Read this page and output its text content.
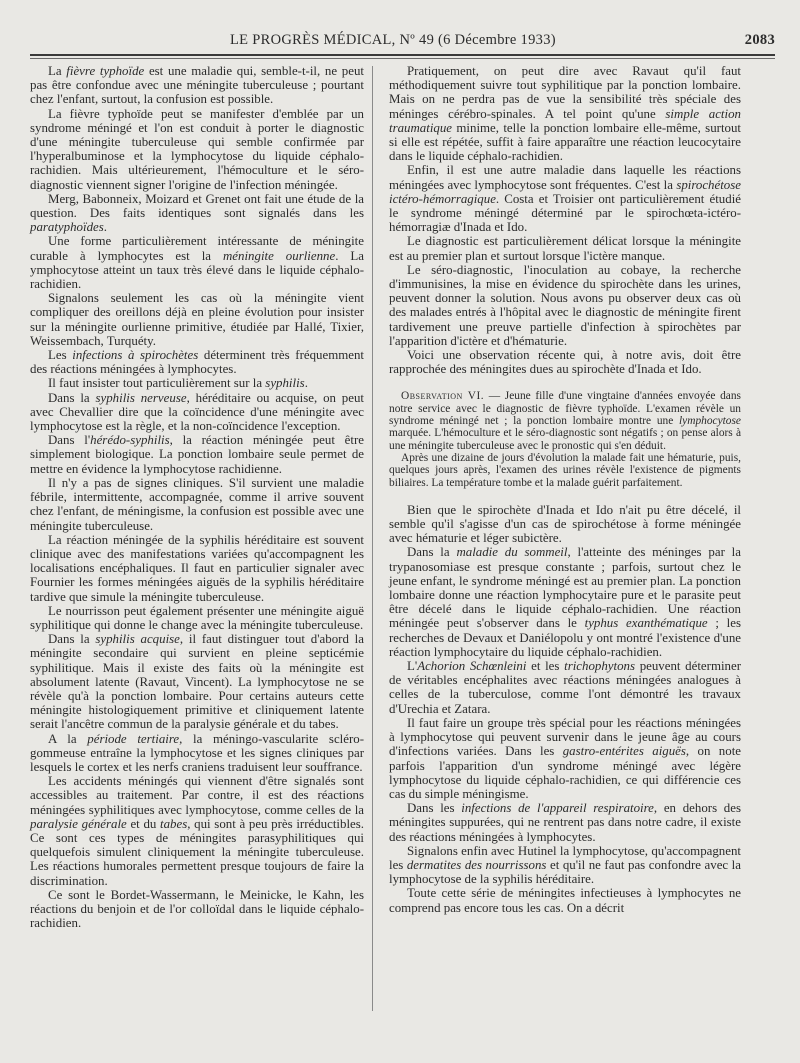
LE PROGRÈS MÉDICAL, Nº 49 (6 Décembre 1933)	2083

La fièvre typhoïde est une maladie qui, semble-t-il, ne peut pas être confondue avec une méningite tuberculeuse ; pourtant chez l'enfant, surtout, la confusion est possible.

La fièvre typhoïde peut se manifester d'emblée par un syndrome méningé et l'on est conduit à porter le diagnostic d'une méningite tuberculeuse qui semble confirmée par l'hyperalbuminose et la lymphocytose du liquide céphalo-rachidien. Mais ultérieurement, l'hémoculture et le séro-diagnostic viennent signer l'origine de l'infection méningée.

Merg, Babonneix, Moizard et Grenet ont fait une étude de la question. Des faits identiques sont signalés dans les paratyphoïdes.

Une forme particulièrement intéressante de méningite curable à lymphocytes est la méningite ourlienne. La ymphocytose atteint un taux très élevé dans le liquide céphalo-rachidien.

Signalons seulement les cas où la méningite vient compliquer des oreillons déjà en pleine évolution pour insister sur la méningite ourlienne primitive, étudiée par Hallé, Tixier, Weissembach, Turquéty.

Les infections à spirochètes déterminent très fréquemment des réactions méningées à lymphocytes.

Il faut insister tout particulièrement sur la syphilis.

Dans la syphilis nerveuse, héréditaire ou acquise, on peut avec Chevallier dire que la coïncidence d'une méningite avec lymphocytose est la règle, et la non-coïncidence l'exception.

Dans l'hérédo-syphilis, la réaction méningée peut être simplement biologique. La ponction lombaire seule permet de mettre en évidence la lymphocytose rachidienne.

Il n'y a pas de signes cliniques. S'il survient une maladie fébrile, intermittente, accompagnée, comme il arrive souvent chez l'enfant, de méningisme, la confusion est possible avec une méningite tuberculeuse.

La réaction méningée de la syphilis héréditaire est souvent clinique avec des manifestations variées qu'accompagnent les localisations encéphaliques. Il faut en particulier signaler avec Fournier les formes méningées aiguës de la syphilis héréditaire tardive que simule la méningite tuberculeuse.

Le nourrisson peut également présenter une méningite aiguë syphilitique qui donne le change avec la méningite tuberculeuse.

Dans la syphilis acquise, il faut distinguer tout d'abord la méningite secondaire qui survient en pleine septicémie syphilitique. Mais il existe des faits où la méningite est absolument latente (Ravaut, Vincent). La lymphocytose ne se révèle qu'à la ponction lombaire. Pour certains auteurs cette méningite histologiquement primitive et cliniquement latente serait l'ancêtre commun de la paralysie générale et du tabes.

A la période tertiaire, la méningo-vascularite scléro-gommeuse entraîne la lymphocytose et les signes cliniques par lesquels le cortex et les nerfs craniens traduisent leur souffrance.

Les accidents méningés qui viennent d'être signalés sont accessibles au traitement. Par contre, il est des réactions méningées syphilitiques avec lymphocytose, comme celles de la paralysie générale et du tabes, qui sont à peu près irréductibles. Ce sont ces types de méningites parasyphilitiques qui quelquefois simulent cliniquement la méningite tuberculeuse. Les réactions humorales permettent presque toujours de faire la discrimination.

Ce sont le Bordet-Wassermann, le Meinicke, le Kahn, les réactions du benjoin et de l'or colloïdal dans le liquide céphalo-rachidien.

Pratiquement, on peut dire avec Ravaut qu'il faut méthodiquement suivre tout syphilitique par la ponction lombaire. Mais on ne perdra pas de vue la sensibilité très spéciale des méninges cérébro-spinales. A tel point qu'une simple action traumatique minime, telle la ponction lombaire elle-même, surtout si elle est répétée, suffit à faire apparaître une réaction leucocytaire dans le liquide céphalo-rachidien.

Enfin, il est une autre maladie dans laquelle les réactions méningées avec lymphocytose sont fréquentes. C'est la spirochétose ictéro-hémorragique. Costa et Troisier ont particulièrement étudié le syndrome méningé déterminé par le spirochœta-ictéro-hémorragiæ d'Inada et Ido.

Le diagnostic est particulièrement délicat lorsque la méningite est au premier plan et surtout lorsque l'ictère manque.

Le séro-diagnostic, l'inoculation au cobaye, la recherche d'immunisines, la mise en évidence du spirochète dans les urines, peuvent donner la solution. Nous avons pu observer deux cas où des malades entrés à l'hôpital avec le diagnostic de méningite firent tardivement une preuve partielle d'infection à spirochètes par l'apparition d'ictère et d'hématurie.

Voici une observation récente qui, à notre avis, doit être rapprochée des méningites dues au spirochète d'Inada et Ido.

Observation VI. — Jeune fille d'une vingtaine d'années envoyée dans notre service avec le diagnostic de fièvre typhoïde. L'examen révèle un syndrome méningé net ; la ponction lombaire montre une lymphocytose marquée. L'hémoculture et le séro-diagnostic sont négatifs ; on pense alors à une méningite tuberculeuse avec le pronostic qui s'en déduit.

Après une dizaine de jours d'évolution la malade fait une hématurie, puis, quelques jours après, l'examen des urines révèle l'existence de pigments biliaires. La température tombe et la malade guérit parfaitement.

Bien que le spirochète d'Inada et Ido n'ait pu être décelé, il semble qu'il s'agisse d'un cas de spirochétose à forme méningée avec hématurie et léger subictère.

Dans la maladie du sommeil, l'atteinte des méninges par la trypanosomiase est presque constante ; parfois, surtout chez le jeune enfant, le syndrome méningé est au premier plan. La ponction lombaire donne une réaction lymphocytaire pure et le parasite peut être décelé dans le liquide céphalo-rachidien. Une réaction méningée peut s'observer dans le typhus exanthématique ; les recherches de Devaux et Daniélopolu y ont montré l'existence d'une réaction lymphocytaire du liquide céphalo-rachidien.

L'Achorion Schœnleini et les trichophytons peuvent déterminer de véritables encéphalites avec réactions méningées analogues à celles de la tuberculose, comme l'ont démontré les travaux d'Urechia et Zatara.

Il faut faire un groupe très spécial pour les réactions méningées à lymphocytose qui peuvent survenir dans le jeune âge au cours d'infections variées. Dans les gastro-entérites aiguës, on note parfois l'apparition d'un syndrome méningé avec légère lymphocytose du liquide céphalo-rachidien, ce qui différencie ces cas du simple méningisme.

Dans les infections de l'appareil respiratoire, en dehors des méningites suppurées, qui ne rentrent pas dans notre cadre, il existe des réactions méningées à lymphocytes.

Signalons enfin avec Hutinel la lymphocytose, qu'accompagnent les dermatites des nourrissons et qu'il ne faut pas confondre avec la lymphocytose de la syphilis héréditaire.

Toute cette série de méningites infectieuses à lymphocytes ne comprend pas encore tous les cas. On a décrit
